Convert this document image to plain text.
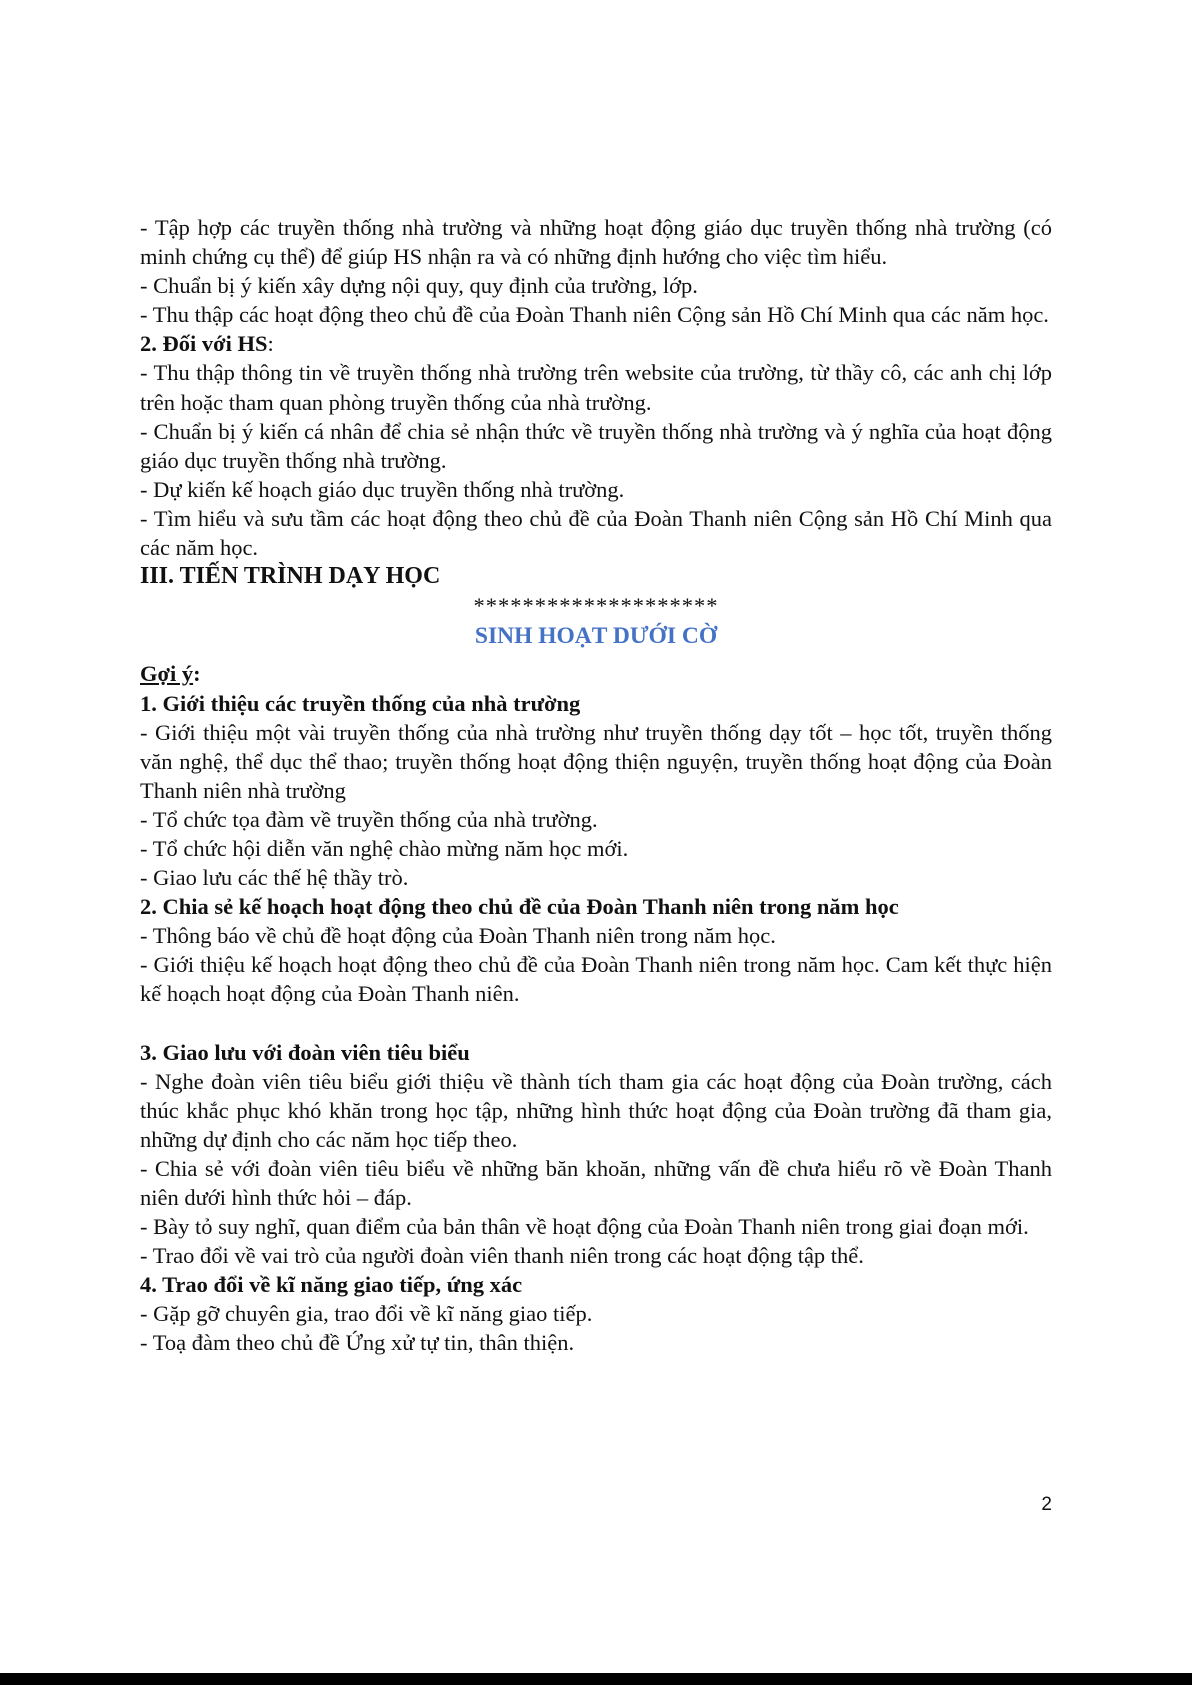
- Tập hợp các truyền thống nhà trường và những hoạt động giáo dục truyền thống nhà trường (có minh chứng cụ thể) để giúp HS nhận ra và có những định hướng cho việc tìm hiểu.

- Chuẩn bị ý kiến xây dựng nội quy, quy định của trường, lớp.

- Thu thập các hoạt động theo chủ đề của Đoàn Thanh niên Cộng sản Hồ Chí Minh qua các năm học.

2. Đối với HS:

- Thu thập thông tin về truyền thống nhà trường trên website của trường, từ thầy cô, các anh chị lớp trên hoặc tham quan phòng truyền thống của nhà trường.

- Chuẩn bị ý kiến cá nhân để chia sẻ nhận thức về truyền thống nhà trường và ý nghĩa của hoạt động giáo dục truyền thống nhà trường.

- Dự kiến kế hoạch giáo dục truyền thống nhà trường.

- Tìm hiểu và sưu tầm các hoạt động theo chủ đề của Đoàn Thanh niên Cộng sản Hồ Chí Minh qua các năm học.

III. TIẾN TRÌNH DẠY HỌC

********************

SINH HOẠT DƯỚI CỜ

Gợi ý:

1. Giới thiệu các truyền thống của nhà trường

- Giới thiệu một vài truyền thống của nhà trường như truyền thống dạy tốt – học tốt, truyền thống văn nghệ, thể dục thể thao; truyền thống hoạt động thiện nguyện, truyền thống hoạt động của Đoàn Thanh niên nhà trường

- Tổ chức tọa đàm về truyền thống của nhà trường.

- Tổ chức hội diễn văn nghệ chào mừng năm học mới.

- Giao lưu các thế hệ thầy trò.

2. Chia sẻ kế hoạch hoạt động theo chủ đề của Đoàn Thanh niên trong năm học

- Thông báo về chủ đề hoạt động của Đoàn Thanh niên trong năm học.

- Giới thiệu kế hoạch hoạt động theo chủ đề của Đoàn Thanh niên trong năm học. Cam kết thực hiện kế hoạch hoạt động của Đoàn Thanh niên.

3. Giao lưu với đoàn viên tiêu biểu

- Nghe đoàn viên tiêu biểu giới thiệu về thành tích tham gia các hoạt động của Đoàn trường, cách thúc khắc phục khó khăn trong học tập, những hình thức hoạt động của Đoàn trường đã tham gia, những dự định cho các năm học tiếp theo.

- Chia sẻ với đoàn viên tiêu biểu về những băn khoăn, những vấn đề chưa hiểu rõ về Đoàn Thanh niên dưới hình thức hỏi – đáp.

- Bày tỏ suy nghĩ, quan điểm của bản thân về hoạt động của Đoàn Thanh niên trong giai đoạn mới.

- Trao đổi về vai trò của người đoàn viên thanh niên trong các hoạt động tập thể.

4. Trao đổi về kĩ năng giao tiếp, ứng xác

- Gặp gỡ chuyên gia, trao đổi về kĩ năng giao tiếp.

- Toạ đàm theo chủ đề Ứng xử tự tin, thân thiện.

2
